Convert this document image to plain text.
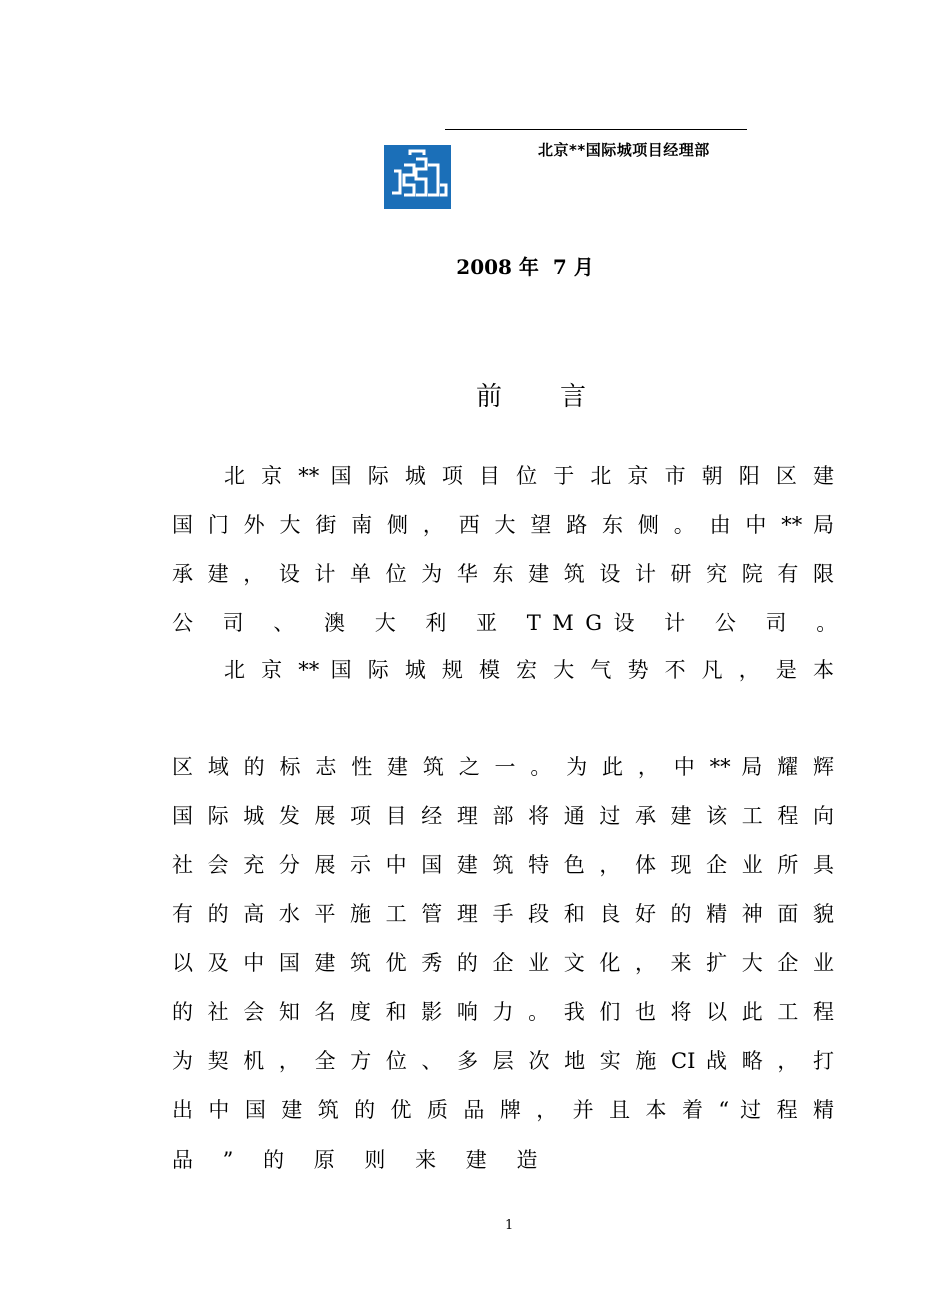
北京**国际城项目经理部
2008 年  7 月
前言
北 京 ** 国 际 城 项 目 位 于 北 京 市 朝 阳 区 建
国 门 外 大 街 南 侧 ， 西 大 望 路 东 侧 。 由 中 ** 局
承 建 ， 设 计 单 位 为 华 东 建 筑 设 计 研 究 院 有 限
公 司 、 澳 大 利 亚 TMG设 计 公 司 。
北 京 ** 国 际 城 规 模 宏 大 气 势 不 凡 ， 是 本
区 域 的 标 志 性 建 筑 之 一 。 为 此 ， 中 ** 局 耀 辉
国 际 城 发 展 项 目 经 理 部 将 通 过 承 建 该 工 程 向
社 会 充 分 展 示 中 国 建 筑 特 色 ， 体 现 企 业 所 具
有 的 高 水 平 施 工 管 理 手 段 和 良 好 的 精 神 面 貌
以 及 中 国 建 筑 优 秀 的 企 业 文 化 ， 来 扩 大 企 业
的 社 会 知 名 度 和 影 响 力 。 我 们 也 将 以 此 工 程
为 契 机 ， 全 方 位 、 多 层 次 地 实 施 CI 战 略 ， 打
出 中 国 建 筑 的 优 质 品 牌 ， 并 且 本 着 “ 过 程 精
品 ” 的 原 则 来 建 造
1
